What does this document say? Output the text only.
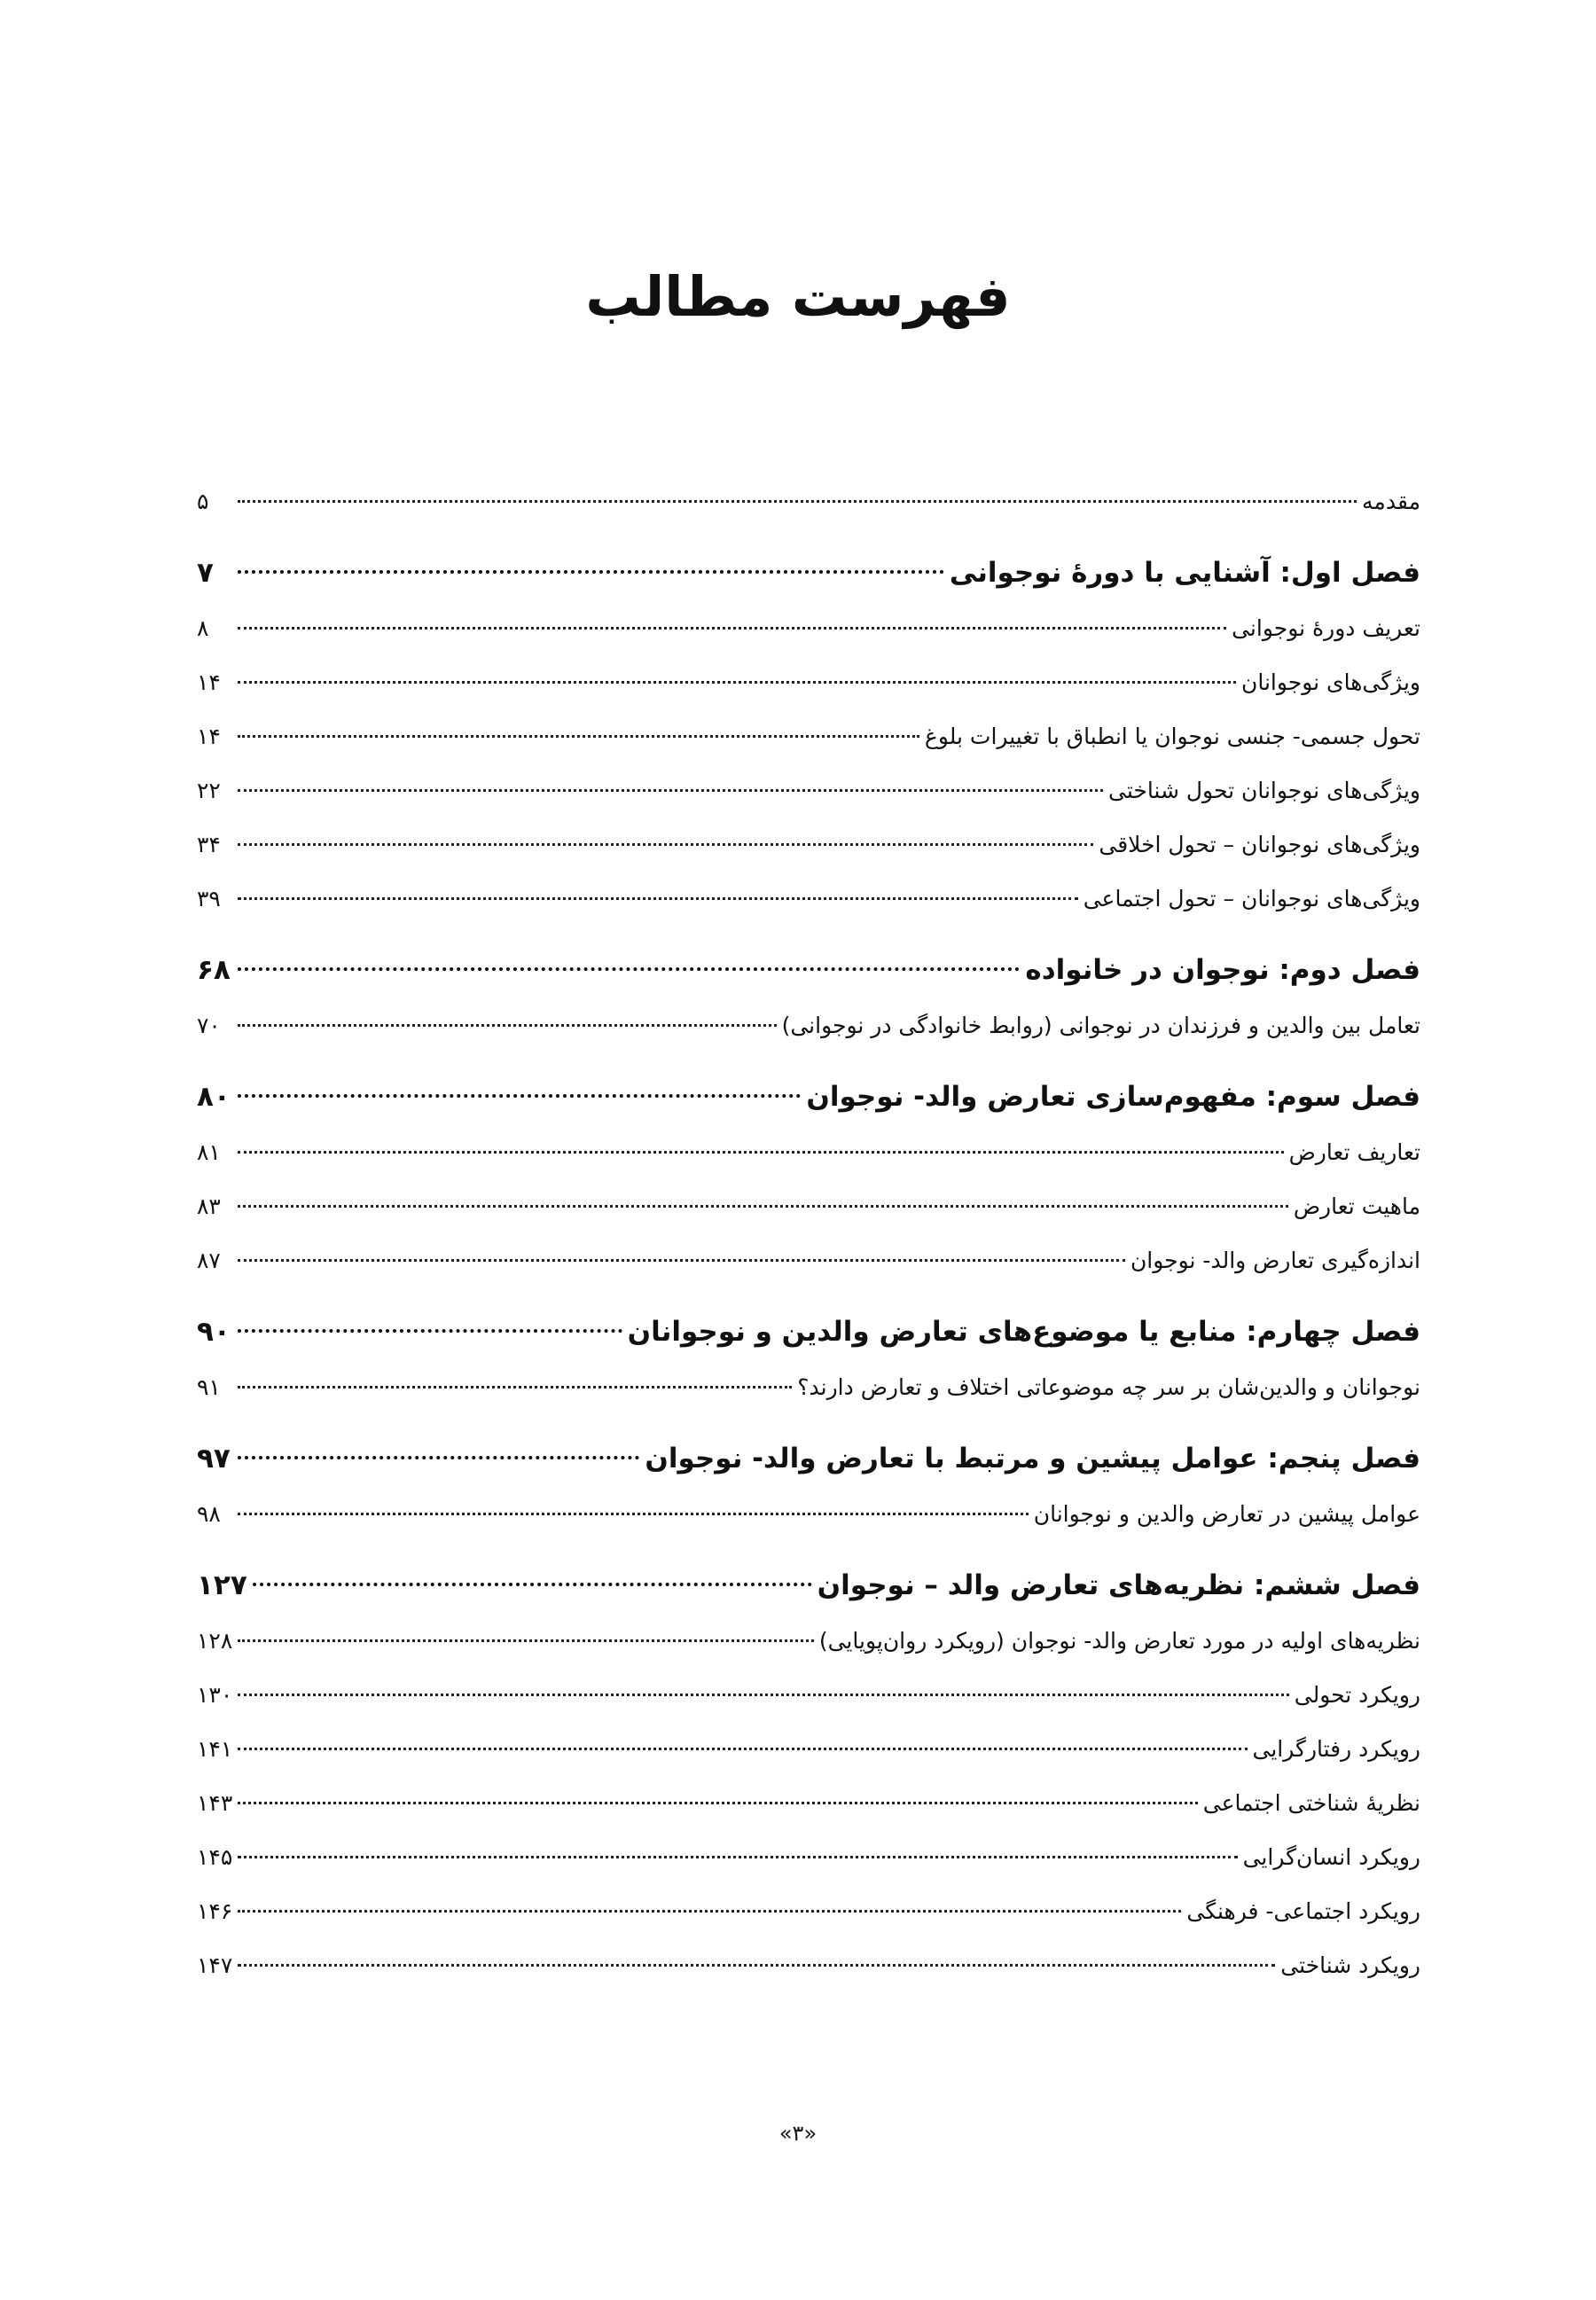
فهرست مطالب
مقدمه
۵
فصل اول: آشنایی با دورۀ نوجوانی
۷
تعریف دورۀ نوجوانی
۸
ویژگی‌های نوجوانان
۱۴
تحول جسمی- جنسی نوجوان یا انطباق با تغییرات بلوغ
۱۴
ویژگی‌های نوجوانان تحول شناختی
۲۲
ویژگی‌های نوجوانان – تحول اخلاقی
۳۴
ویژگی‌های نوجوانان – تحول اجتماعی
۳۹
فصل دوم: نوجوان در خانواده
۶۸
تعامل بین والدین و فرزندان در نوجوانی (روابط خانوادگی در نوجوانی)
۷۰
فصل سوم: مفهوم‌سازی تعارض والد- نوجوان
۸۰
تعاریف تعارض
۸۱
ماهیت تعارض
۸۳
اندازه‌گیری تعارض والد- نوجوان
۸۷
فصل چهارم: منابع یا موضوع‌های تعارض والدین و نوجوانان
۹۰
نوجوانان و والدین‌شان بر سر چه موضوعاتی اختلاف و تعارض دارند؟
۹۱
فصل پنجم: عوامل پیشین و مرتبط با تعارض والد- نوجوان
۹۷
عوامل پیشین در تعارض والدین و نوجوانان
۹۸
فصل ششم: نظریه‌های تعارض والد – نوجوان
۱۲۷
نظریه‌های اولیه در مورد تعارض والد- نوجوان (رویکرد روان‌پویایی)
۱۲۸
رویکرد تحولی
۱۳۰
رویکرد رفتارگرایی
۱۴۱
نظریۀ شناختی اجتماعی
۱۴۳
رویکرد انسان‌گرایی
۱۴۵
رویکرد اجتماعی- فرهنگی
۱۴۶
رویکرد شناختی
۱۴۷
«۳»
